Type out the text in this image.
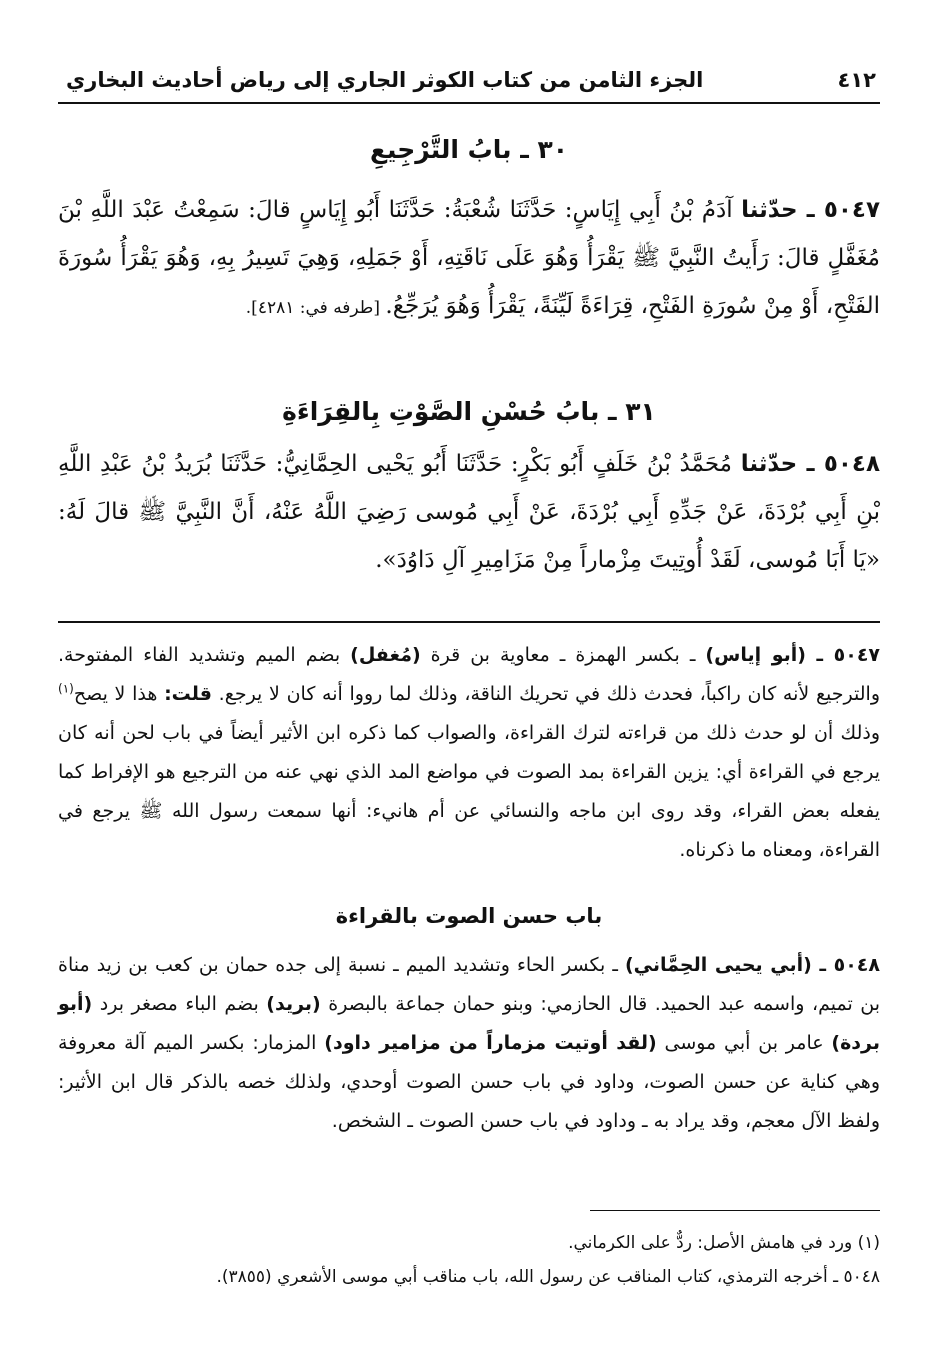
٤١٢
الجزء الثامن من كتاب الكوثر الجاري إلى رياض أحاديث البخاري
٣٠ ـ بابُ التَّرْجِيعِ
٥٠٤٧ ـ حدّثنا آدَمُ بْنُ أَبِي إِيَاسٍ: حَدَّثَنَا شُعْبَةُ: حَدَّثَنَا أَبُو إِيَاسٍ قالَ: سَمِعْتُ عَبْدَ اللَّهِ بْنَ مُغَفَّلٍ قالَ: رَأَيتُ النَّبِيَّ ﷺ يَقْرَأُ وَهُوَ عَلَى نَاقَتِهِ، أَوْ جَمَلِهِ، وَهِيَ تَسِيرُ بِهِ، وَهُوَ يَقْرَأُ سُورَةَ الفَتْحِ، أَوْ مِنْ سُورَةِ الفَتْحِ، قِرَاءَةً لَيِّنَةً، يَقْرَأُ وَهُوَ يُرَجِّعُ. [طرفه في: ٤٢٨١].
٣١ ـ بابُ حُسْنِ الصَّوْتِ بِالقِرَاءَةِ
٥٠٤٨ ـ حدّثنا مُحَمَّدُ بْنُ خَلَفٍ أَبُو بَكْرٍ: حَدَّثَنَا أَبُو يَحْيى الحِمَّانِيُّ: حَدَّثَنَا بُرَيدُ بْنُ عَبْدِ اللَّهِ بْنِ أَبِي بُرْدَةَ، عَنْ جَدِّهِ أَبِي بُرْدَةَ، عَنْ أَبِي مُوسى رَضِيَ اللَّهُ عَنْهُ، أَنَّ النَّبِيَّ ﷺ قالَ لَهُ: «يَا أَبَا مُوسى، لَقَدْ أُوتِيتَ مِزْماراً مِنْ مَزَامِيرِ آلِ دَاوُدَ».
٥٠٤٧ ـ (أبو إياس) ـ بكسر الهمزة ـ معاوية بن قرة (مُغفل) بضم الميم وتشديد الفاء المفتوحة. والترجيع لأنه كان راكباً، فحدث ذلك في تحريك الناقة، وذلك لما رووا أنه كان لا يرجع. قلت: هذا لا يصح$^{(١)}$ وذلك أن لو حدث ذلك من قراءته لترك القراءة، والصواب كما ذكره ابن الأثير أيضاً في باب لحن أنه كان يرجع في القراءة أي: يزين القراءة بمد الصوت في مواضع المد الذي نهي عنه من الترجيع هو الإفراط كما يفعله بعض القراء، وقد روى ابن ماجه والنسائي عن أم هانيء: أنها سمعت رسول الله ﷺ يرجع في القراءة، ومعناه ما ذكرناه.
باب حسن الصوت بالقراءة
٥٠٤٨ ـ (أبي يحيى الحِمَّاني) ـ بكسر الحاء وتشديد الميم ـ نسبة إلى جده حمان بن كعب بن زيد مناة بن تميم، واسمه عبد الحميد. قال الحازمي: وبنو حمان جماعة بالبصرة (بريد) بضم الباء مصغر برد (أبو بردة) عامر بن أبي موسى (لقد أوتيت مزماراً من مزامير داود) المزمار: بكسر الميم آلة معروفة وهي كناية عن حسن الصوت، وداود في باب حسن الصوت أوحدي، ولذلك خصه بالذكر قال ابن الأثير: ولفظ الآل معجم، وقد يراد به ـ وداود في باب حسن الصوت ـ الشخص.
(١) ورد في هامش الأصل: ردٌّ على الكرماني.
٥٠٤٨ ـ أخرجه الترمذي، كتاب المناقب عن رسول الله، باب مناقب أبي موسى الأشعري (٣٨٥٥).
